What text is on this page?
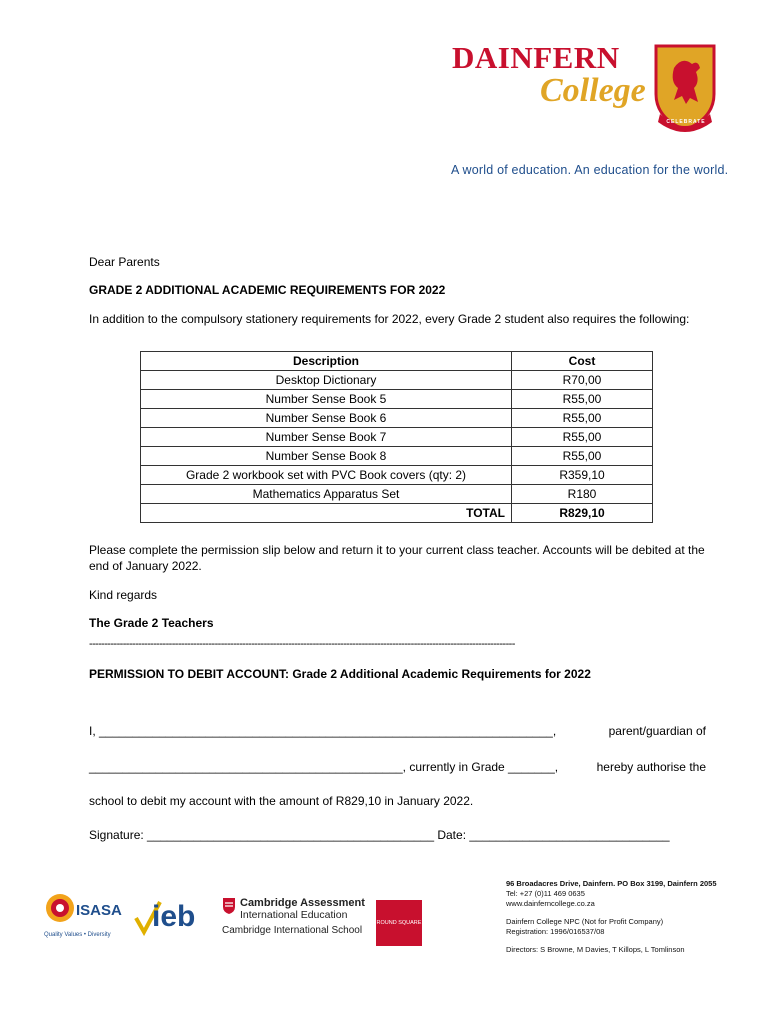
DAINFERN
College
CELEBRATE
A world of education. An education for the world.
Dear Parents
GRADE 2 ADDITIONAL ACADEMIC REQUIREMENTS FOR 2022
In addition to the compulsory stationery requirements for 2022, every Grade 2 student also requires the following:
Description	Cost
Desktop Dictionary	R70,00
Number Sense Book 5	R55,00
Number Sense Book 6	R55,00
Number Sense Book 7	R55,00
Number Sense Book 8	R55,00
Grade 2 workbook set with PVC Book covers (qty: 2)	R359,10
Mathematics Apparatus Set	R180
TOTAL	R829,10
Please complete the permission slip below and return it to your current class teacher. Accounts will be debited at the end of January 2022.
Kind regards
The Grade 2 Teachers
-------------------------------------------------------------------------------------------------------------------------------------------
PERMISSION TO DEBIT ACCOUNT: Grade 2 Additional Academic Requirements for 2022
I, ____________________________________________________________________,	parent/guardian of
_______________________________________________, currently in Grade _______,	hereby authorise the
school to debit my account with the amount of R829,10 in January 2022.
Signature: ___________________________________________ Date: ______________________________
ISASA
Quality Values • Diversity
ieb	Cambridge Assessment
International Education
Cambridge International School
ROUND SQUARE

96 Broadacres Drive, Dainfern. PO Box 3199, Dainfern 2055

Tel: +27 (0)11 469 0635

www.dainferncollege.co.za

Dainfern College NPC (Not for Profit Company)

Registration: 1996/016537/08

Directors: S Browne, M Davies, T Killops, L Tomlinson
